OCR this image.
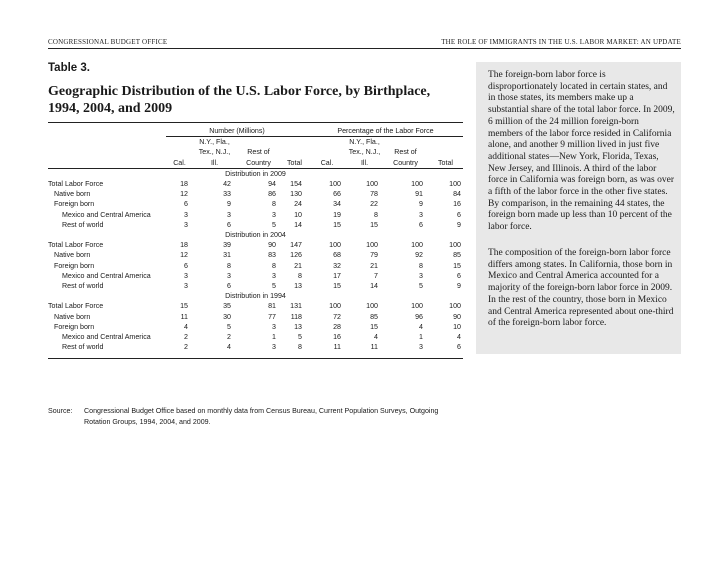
CONGRESSIONAL BUDGET OFFICE	THE ROLE OF IMMIGRANTS IN THE U.S. LABOR MARKET: AN UPDATE
Table 3.
Geographic Distribution of the U.S. Labor Force, by Birthplace, 1994, 2004, and 2009

	Number (Millions)				Percentage of the Labor Force			
		N.Y., Fla.,				N.Y., Fla.,		
		Tex., N.J.,	Rest of			Tex., N.J.,	Rest of	
	Cal.	Ill.	Country	Total	Cal.	Ill.	Country	Total
Distribution in 2009								
Total Labor Force	18	42	94	154	100	100	100	100
Native born	12	33	86	130	66	78	91	84
Foreign born	6	9	8	24	34	22	9	16
Mexico and Central America	3	3	3	10	19	8	3	6
Rest of world	3	6	5	14	15	15	6	9
Distribution in 2004								
Total Labor Force	18	39	90	147	100	100	100	100
Native born	12	31	83	126	68	79	92	85
Foreign born	6	8	8	21	32	21	8	15
Mexico and Central America	3	3	3	8	17	7	3	6
Rest of world	3	6	5	13	15	14	5	9
Distribution in 1994								
Total Labor Force	15	35	81	131	100	100	100	100
Native born	11	30	77	118	72	85	96	90
Foreign born	4	5	3	13	28	15	4	10
Mexico and Central America	2	2	1	5	16	4	1	4
Rest of world	2	4	3	8	11	11	3	6

Source: Congressional Budget Office based on monthly data from Census Bureau, Current Population Surveys, Outgoing Rotation Groups, 1994, 2004, and 2009.
The foreign-born labor force is disproportionately located in certain states, and in those states, its members make up a substantial share of the total labor force. In 2009, 6 million of the 24 million foreign-born members of the labor force resided in California alone, and another 9 million lived in just five additional states—New York, Florida, Texas, New Jersey, and Illinois. A third of the labor force in California was foreign born, as was over a fifth of the labor force in the other five states. By comparison, in the remaining 44 states, the foreign born made up less than 10 percent of the labor force.
The composition of the foreign-born labor force differs among states. In California, those born in Mexico and Central America accounted for a majority of the foreign-born labor force in 2009. In the rest of the country, those born in Mexico and Central America represented about one-third of the foreign-born labor force.
